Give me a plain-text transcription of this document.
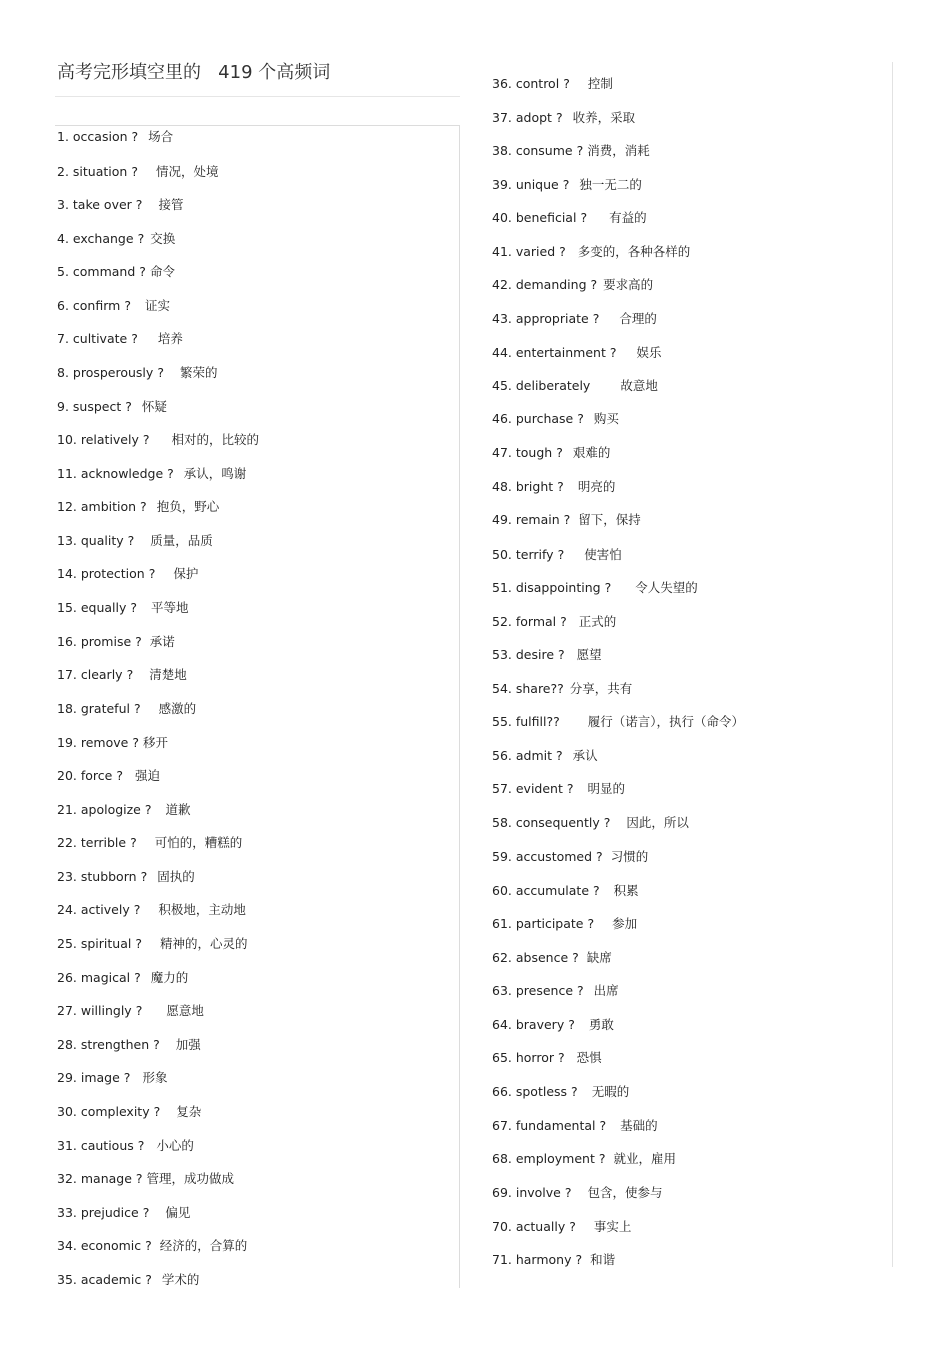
高考完形填空里的   419 个高频词
1. occasion ? 场合
2. situation ? 情况，处境
3. take over ? 接管
4. exchange ? 交换
5. command ? 命令
6. confirm ? 证实
7. cultivate ? 培养
8. prosperously ? 繁荣的
9. suspect ? 怀疑
10. relatively ? 相对的，比较的
11. acknowledge ? 承认，鸣谢
12. ambition ? 抱负，野心
13. quality ? 质量，品质
14. protection ? 保护
15. equally ? 平等地
16. promise ? 承诺
17. clearly ? 清楚地
18. grateful ? 感激的
19. remove ? 移开
20. force ? 强迫
21. apologize ? 道歉
22. terrible ? 可怕的，糟糕的
23. stubborn ? 固执的
24. actively ? 积极地，主动地
25. spiritual ? 精神的，心灵的
26. magical ? 魔力的
27. willingly ? 愿意地
28. strengthen ? 加强
29. image ? 形象
30. complexity ? 复杂
31. cautious ? 小心的
32. manage ? 管理，成功做成
33. prejudice ? 偏见
34. economic ? 经济的，合算的
35. academic ? 学术的
36. control ? 控制
37. adopt ? 收养，采取
38. consume ? 消费，消耗
39. unique ? 独一无二的
40. beneficial ? 有益的
41. varied ? 多变的，各种各样的
42. demanding ? 要求高的
43. appropriate ? 合理的
44. entertainment ? 娱乐
45. deliberately 故意地
46. purchase ? 购买
47. tough ? 艰难的
48. bright ? 明亮的
49. remain ? 留下，保持
50. terrify ? 使害怕
51. disappointing ? 令人失望的
52. formal ? 正式的
53. desire ? 愿望
54. share?? 分享，共有
55. fulfill?? 履行（诺言），执行（命令）
56. admit ? 承认
57. evident ? 明显的
58. consequently ? 因此，所以
59. accustomed ? 习惯的
60. accumulate ? 积累
61. participate ? 参加
62. absence ? 缺席
63. presence ? 出席
64. bravery ? 勇敢
65. horror ? 恐惧
66. spotless ? 无暇的
67. fundamental ? 基础的
68. employment ? 就业，雇用
69. involve ? 包含，使参与
70. actually ? 事实上
71. harmony ? 和谐
